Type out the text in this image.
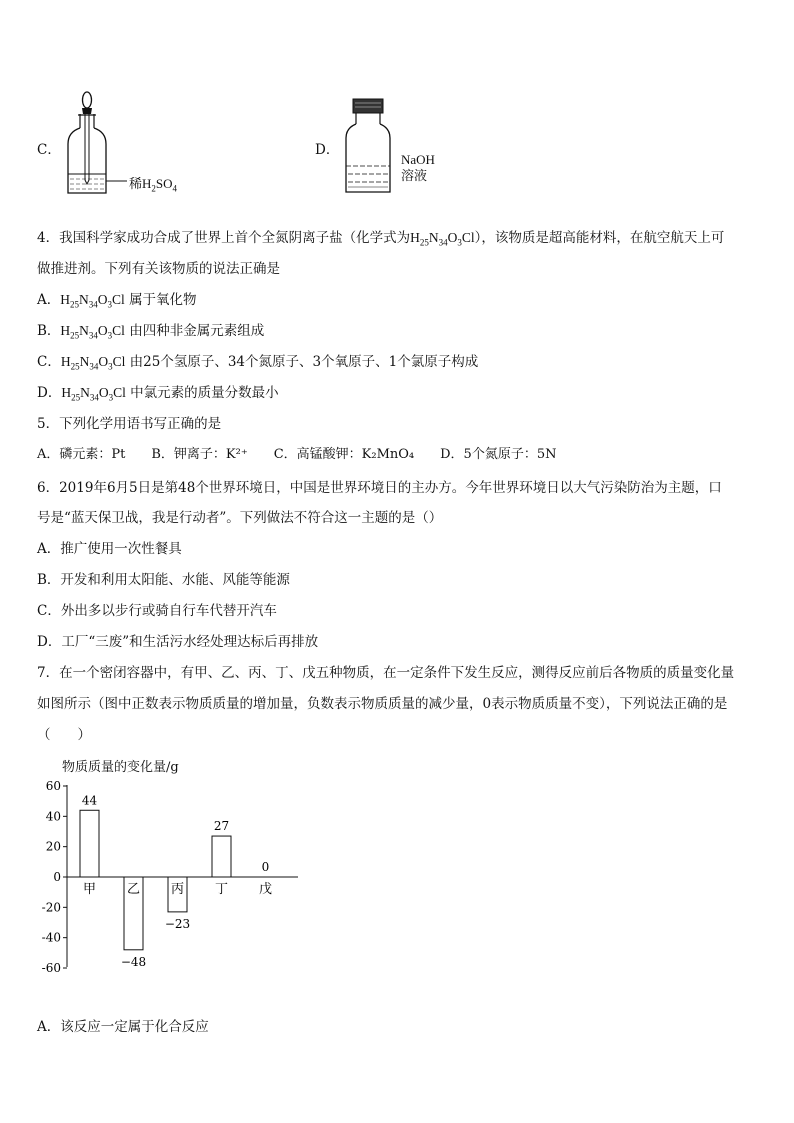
C．
稀$H_2SO_4$
D．
NaOH
溶液
4．我国科学家成功合成了世界上首个全氮阴离子盐（化学式为$H_{25}N_{34}O_3Cl$），该物质是超高能材料，在航空航天上可
做推进剂。下列有关该物质的说法正确是
A．$H_{25}N_{34}O_3Cl$ 属于氧化物
B．$H_{25}N_{34}O_3Cl$ 由四种非金属元素组成
C．$H_{25}N_{34}O_3Cl$ 由25个氢原子、34个氮原子、3个氧原子、1个氯原子构成
D．$H_{25}N_{34}O_3Cl$ 中氯元素的质量分数最小
5．下列化学用语书写正确的是
A．磷元素：Pt　　B．钾离子：K²⁺　　C．高锰酸钾：K₂MnO₄　　D．5个氮原子：5N
6．2019年6月5日是第48个世界环境日，中国是世界环境日的主办方。今年世界环境日以大气污染防治为主题，口
号是“蓝天保卫战，我是行动者”。下列做法不符合这一主题的是（）
A．推广使用一次性餐具
B．开发和利用太阳能、水能、风能等能源
C．外出多以步行或骑自行车代替开汽车
D．工厂“三废”和生活污水经处理达标后再排放
7．在一个密闭容器中，有甲、乙、丙、丁、戊五种物质，在一定条件下发生反应，测得反应前后各物质的质量变化量
如图所示（图中正数表示物质质量的增加量，负数表示物质质量的减少量，0表示物质质量不变），下列说法正确的是
（　　）
物质质量的变化量/g
60
40
20
0
-20
-40
-60
44
甲
−48
乙
−23
丙
27
丁
0
戊
A．该反应一定属于化合反应
